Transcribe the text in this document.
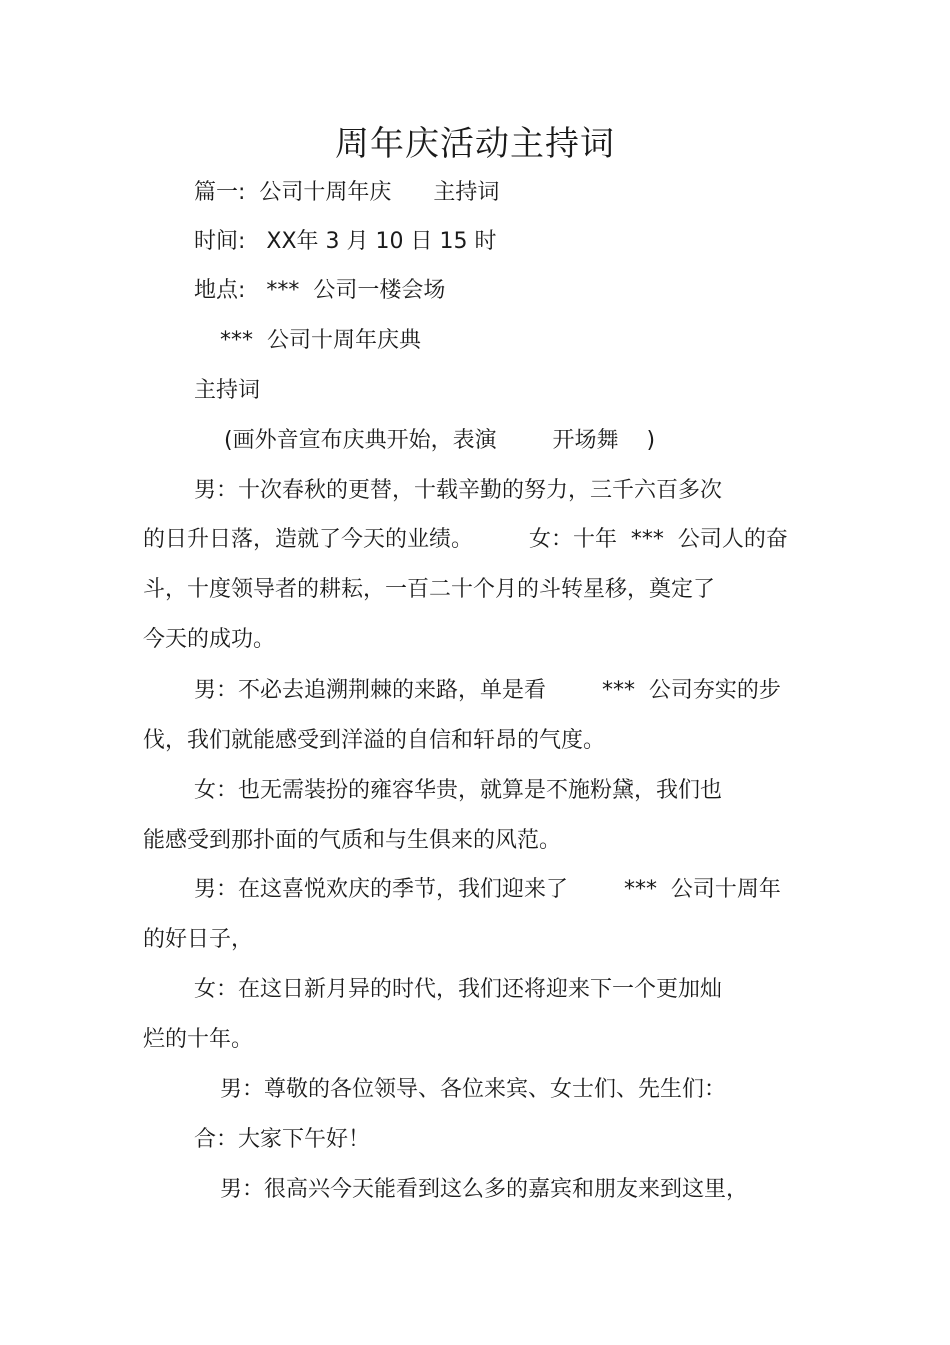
周年庆活动主持词
篇一:  公司十周年庆      主持词
时间:   XX年 3 月 10 日 15 时
地点:   ***  公司一楼会场
***  公司十周年庆典
主持词
(画外音宣布庆典开始，表演        开场舞    )
男：十次春秋的更替，十载辛勤的努力，三千六百多次
的日升日落，造就了今天的业绩。        女：十年  ***  公司人的奋
斗，十度领导者的耕耘，一百二十个月的斗转星移，奠定了
今天的成功。
男：不必去追溯荆棘的来路，单是看        ***  公司夯实的步
伐，我们就能感受到洋溢的自信和轩昂的气度。
女：也无需装扮的雍容华贵，就算是不施粉黛，我们也
能感受到那扑面的气质和与生俱来的风范。
男：在这喜悦欢庆的季节，我们迎来了        ***  公司十周年
的好日子，
女：在这日新月异的时代，我们还将迎来下一个更加灿
烂的十年。
男：尊敬的各位领导、各位来宾、女士们、先生们：
合：大家下午好！
男：很高兴今天能看到这么多的嘉宾和朋友来到这里，
